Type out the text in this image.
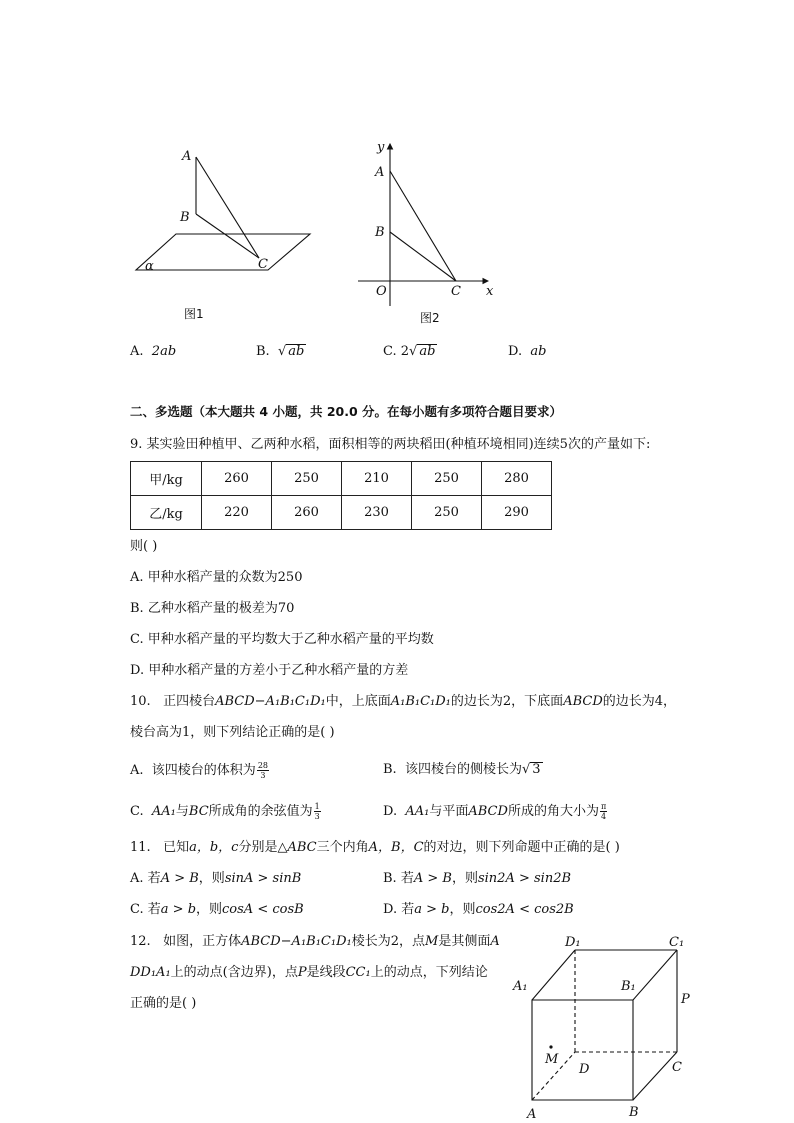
A
B
C
α
图1
y
A
B
O	C x
图2
A. 2ab	B.  √ ab	C. 2√ ab	D. ab
二、多选题（本大题共 4 小题，共 20.0 分。在每小题有多项符合题目要求）
9. 某实验田种植甲、乙两种水稻，面积相等的两块稻田(种植环境相同)连续5次的产量如下:
甲/kg	260	250	210	250	280
乙/kg	220	260	230	250	290
则( )
A. 甲种水稻产量的众数为250
B. 乙种水稻产量的极差为70
C. 甲种水稻产量的平均数大于乙种水稻产量的平均数
D. 甲种水稻产量的方差小于乙种水稻产量的方差
10. 正四棱台ABCD−A₁B₁C₁D₁中，上底面A₁B₁C₁D₁的边长为2，下底面ABCD的边长为4，
棱台高为1，则下列结论正确的是( )
A. 该四棱台的体积为 $\frac{28}{3}$	B. 该四棱台的侧棱长为√ 3
C. AA₁与BC所成角的余弦值为 $\frac{1}{3}$	D. AA₁与平面ABCD所成的角大小为 $\frac{\pi}{4}$
11. 已知a，b，c分别是△ABC三个内角A，B，C的对边，则下列命题中正确的是( )
A. 若A > B，则sinA > sinB	B. 若A > B，则sin2A > sin2B
C. 若a > b，则cosA < cosB	D. 若a > b，则cos2A < cos2B
12. 如图，正方体ABCD−A₁B₁C₁D₁棱长为2，点M是其侧面A
DD₁A₁上的动点(含边界)，点P是线段CC₁上的动点，下列结论
正确的是( )
D₁	C₁
A₁	B₁
P
M
D	C
A	B
